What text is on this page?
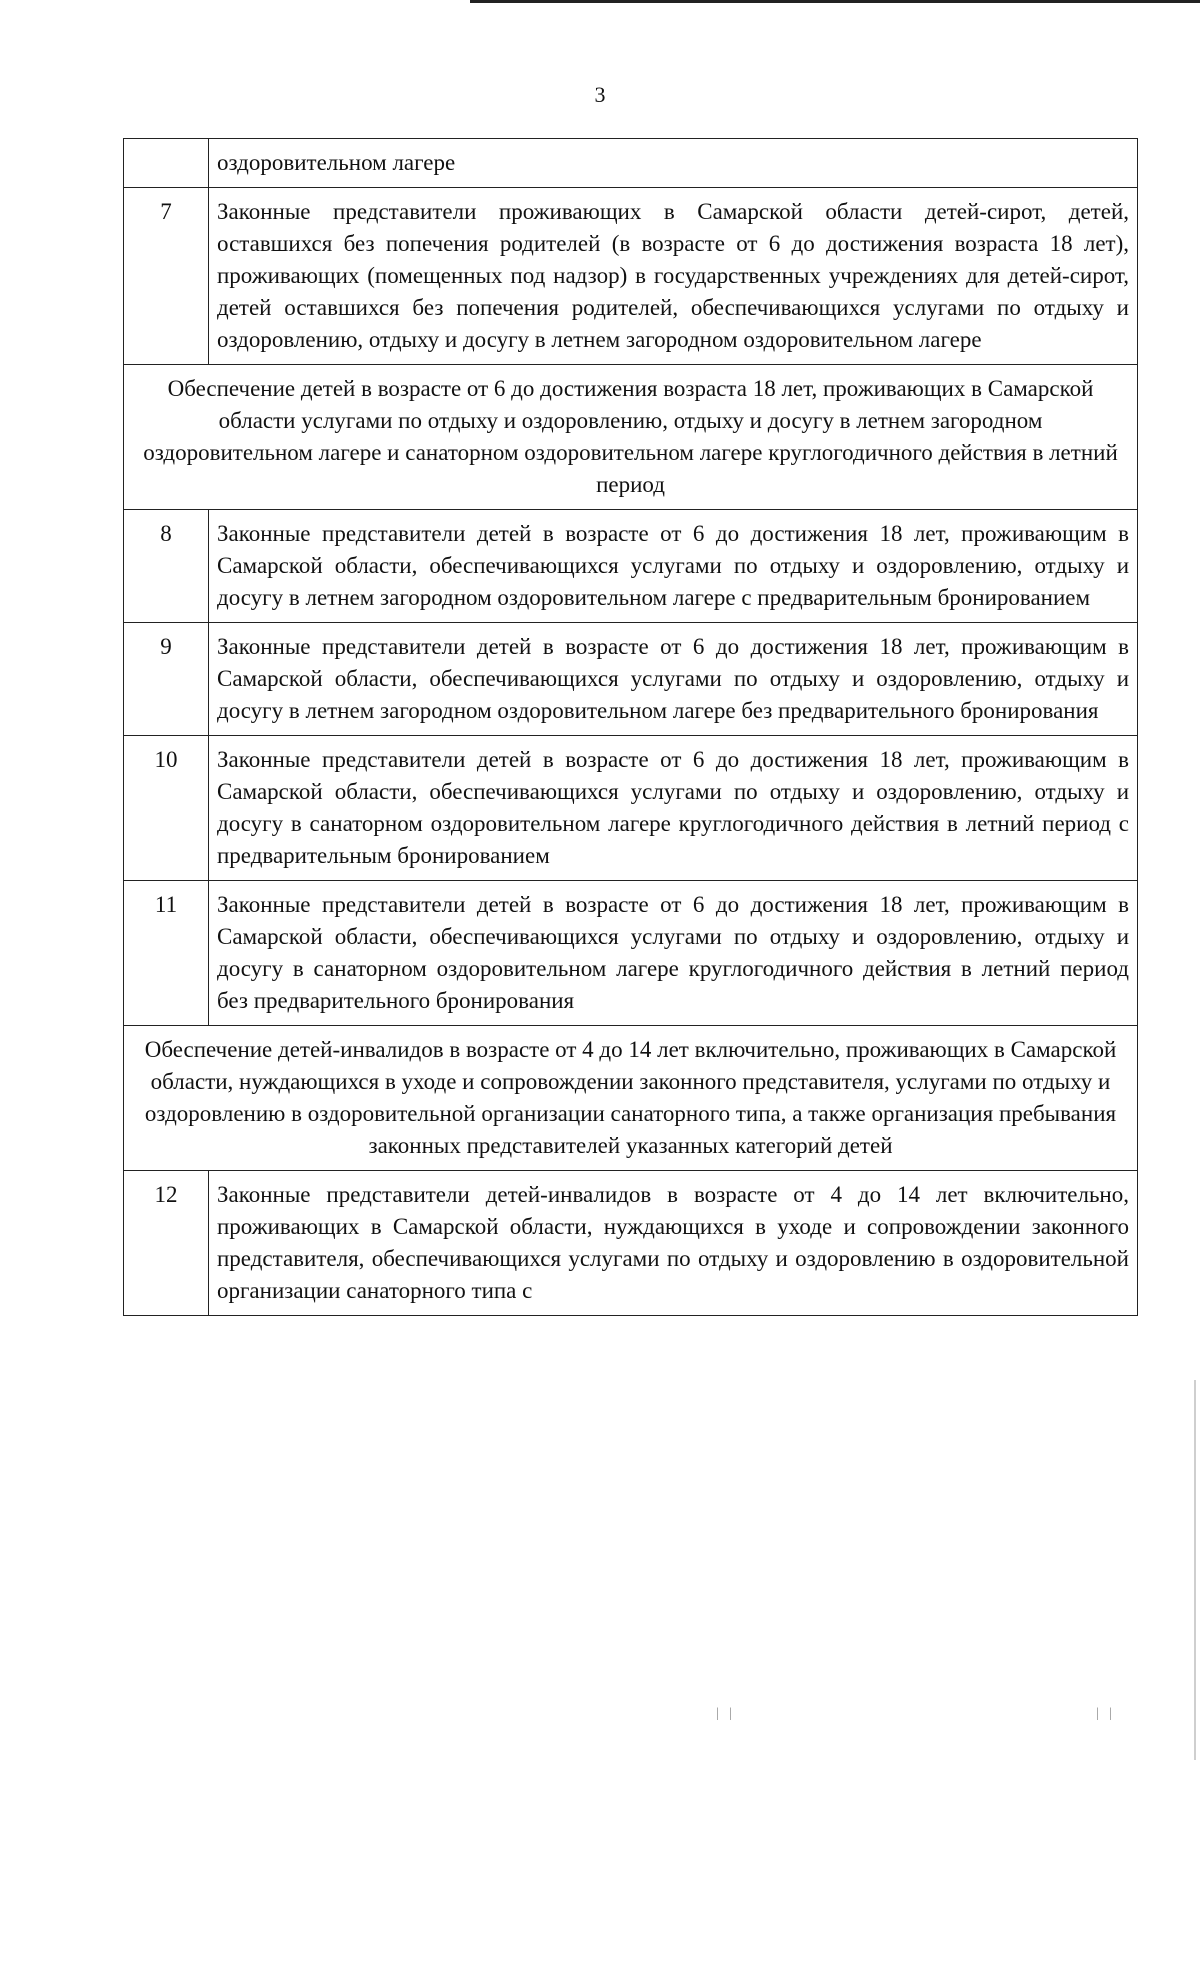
3
	оздоровительном лагере
7	Законные представители проживающих в Самарской области детей-сирот, детей, оставшихся без попечения родителей (в возрасте от 6 до достижения возраста 18 лет), проживающих (помещенных под надзор) в государственных учреждениях для детей-сирот, детей оставшихся без попечения родителей, обеспечивающихся услугами по отдыху и оздоровлению, отдыху и досугу в летнем загородном оздоровительном лагере
Обеспечение детей в возрасте от 6 до достижения возраста 18 лет, проживающих в Самарской области услугами по отдыху и оздоровлению, отдыху и досугу в летнем загородном оздоровительном лагере и санаторном оздоровительном лагере круглогодичного действия в летний период	
8	Законные представители детей в возрасте от 6 до достижения 18 лет, проживающим в Самарской области, обеспечивающихся услугами по отдыху и оздоровлению, отдыху и досугу в летнем загородном оздоровительном лагере с предварительным бронированием
9	Законные представители детей в возрасте от 6 до достижения 18 лет, проживающим в Самарской области, обеспечивающихся услугами по отдыху и оздоровлению, отдыху и досугу в летнем загородном оздоровительном лагере без предварительного бронирования
10	Законные представители детей в возрасте от 6 до достижения 18 лет, проживающим в Самарской области, обеспечивающихся услугами по отдыху и оздоровлению, отдыху и досугу в санаторном оздоровительном лагере круглогодичного действия в летний период с предварительным бронированием
11	Законные представители детей в возрасте от 6 до достижения 18 лет, проживающим в Самарской области, обеспечивающихся услугами по отдыху и оздоровлению, отдыху и досугу в санаторном оздоровительном лагере круглогодичного действия в летний период без предварительного бронирования
Обеспечение детей-инвалидов в возрасте от 4 до 14 лет включительно, проживающих в Самарской области, нуждающихся в уходе и сопровождении законного представителя, услугами по отдыху и оздоровлению в оздоровительной организации санаторного типа, а также организация пребывания законных представителей указанных категорий детей	
12	Законные представители детей-инвалидов в возрасте от 4 до 14 лет включительно, проживающих в Самарской области, нуждающихся в уходе и сопровождении законного представителя, обеспечивающихся услугами по отдыху и оздоровлению в оздоровительной организации санаторного типа с
|   |	|   |
